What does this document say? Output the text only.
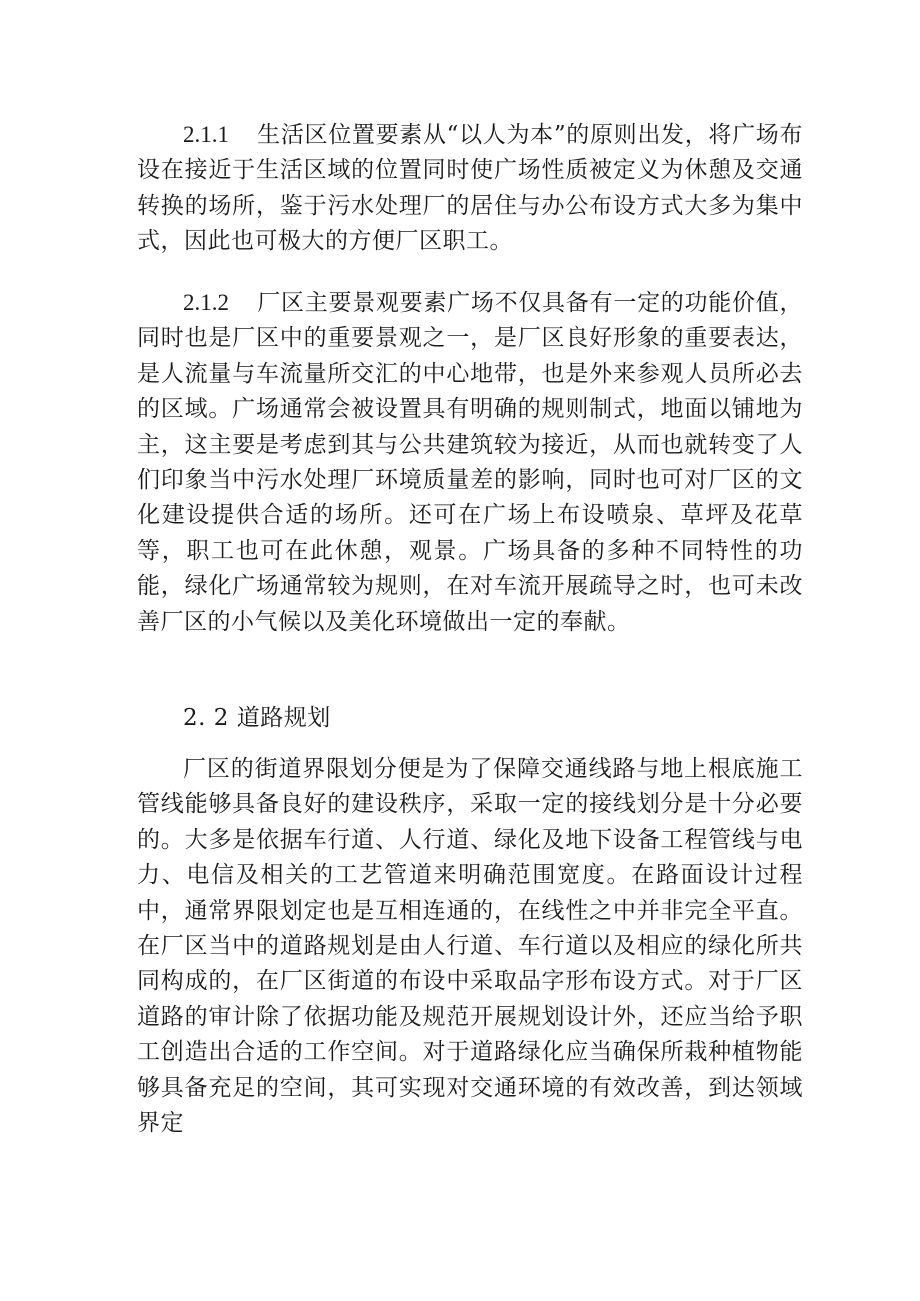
2.1.1 生活区位置要素从“以人为本”的原则出发，将广场布设在接近于生活区域的位置同时使广场性质被定义为休憩及交通转换的场所，鉴于污水处理厂的居住与办公布设方式大多为集中式，因此也可极大的方便厂区职工。

2.1.2 厂区主要景观要素广场不仅具备有一定的功能价值，同时也是厂区中的重要景观之一，是厂区良好形象的重要表达，是人流量与车流量所交汇的中心地带，也是外来参观人员所必去的区域。广场通常会被设置具有明确的规则制式，地面以铺地为主，这主要是考虑到其与公共建筑较为接近，从而也就转变了人们印象当中污水处理厂环境质量差的影响，同时也可对厂区的文化建设提供合适的场所。还可在广场上布设喷泉、草坪及花草等，职工也可在此休憩，观景。广场具备的多种不同特性的功能，绿化广场通常较为规则，在对车流开展疏导之时，也可未改善厂区的小气候以及美化环境做出一定的奉献。

2. 2 道路规划

厂区的街道界限划分便是为了保障交通线路与地上根底施工管线能够具备良好的建设秩序，采取一定的接线划分是十分必要的。大多是依据车行道、人行道、绿化及地下设备工程管线与电力、电信及相关的工艺管道来明确范围宽度。在路面设计过程中，通常界限划定也是互相连通的，在线性之中并非完全平直。在厂区当中的道路规划是由人行道、车行道以及相应的绿化所共同构成的，在厂区街道的布设中采取品字形布设方式。对于厂区道路的审计除了依据功能及规范开展规划设计外，还应当给予职工创造出合适的工作空间。对于道路绿化应当确保所栽种植物能够具备充足的空间，其可实现对交通环境的有效改善，到达领域界定
